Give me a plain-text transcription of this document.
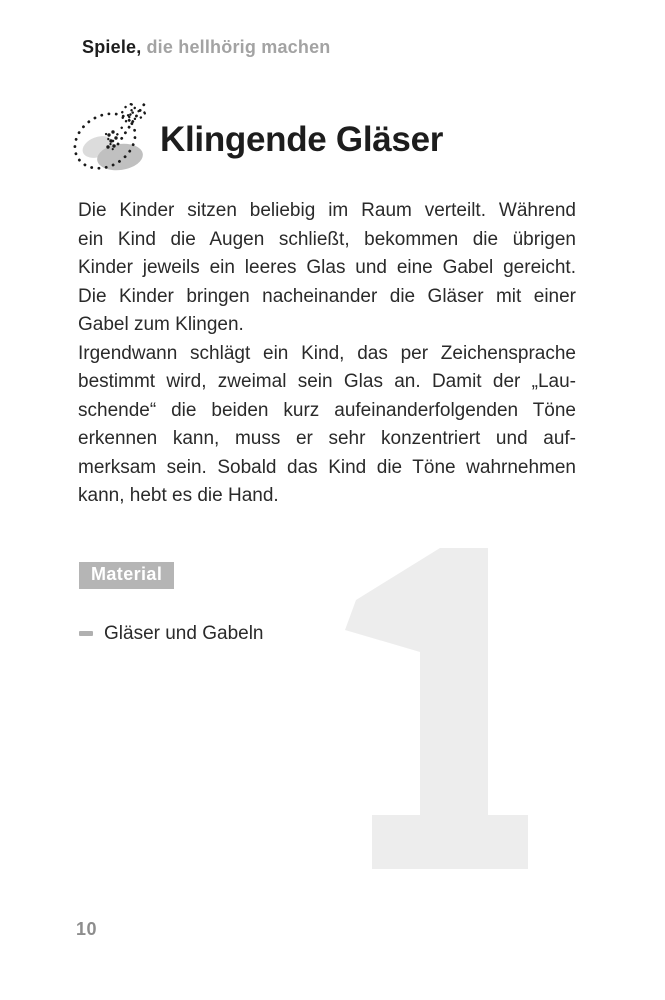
Spiele, die hellhörig machen
Klingende Gläser
Die Kinder sitzen beliebig im Raum verteilt. Während
ein Kind die Augen schließt, bekommen die übrigen
Kinder jeweils ein leeres Glas und eine Gabel gereicht.
Die Kinder bringen nacheinander die Gläser mit einer
Gabel zum Klingen.
Irgendwann schlägt ein Kind, das per Zeichensprache
bestimmt wird, zweimal sein Glas an. Damit der „Lau-
schende“ die beiden kurz aufeinanderfolgenden Töne
erkennen kann, muss er sehr konzentriert und auf-
merksam sein. Sobald das Kind die Töne wahrnehmen
kann, hebt es die Hand.
Material
Gläser und Gabeln
10
